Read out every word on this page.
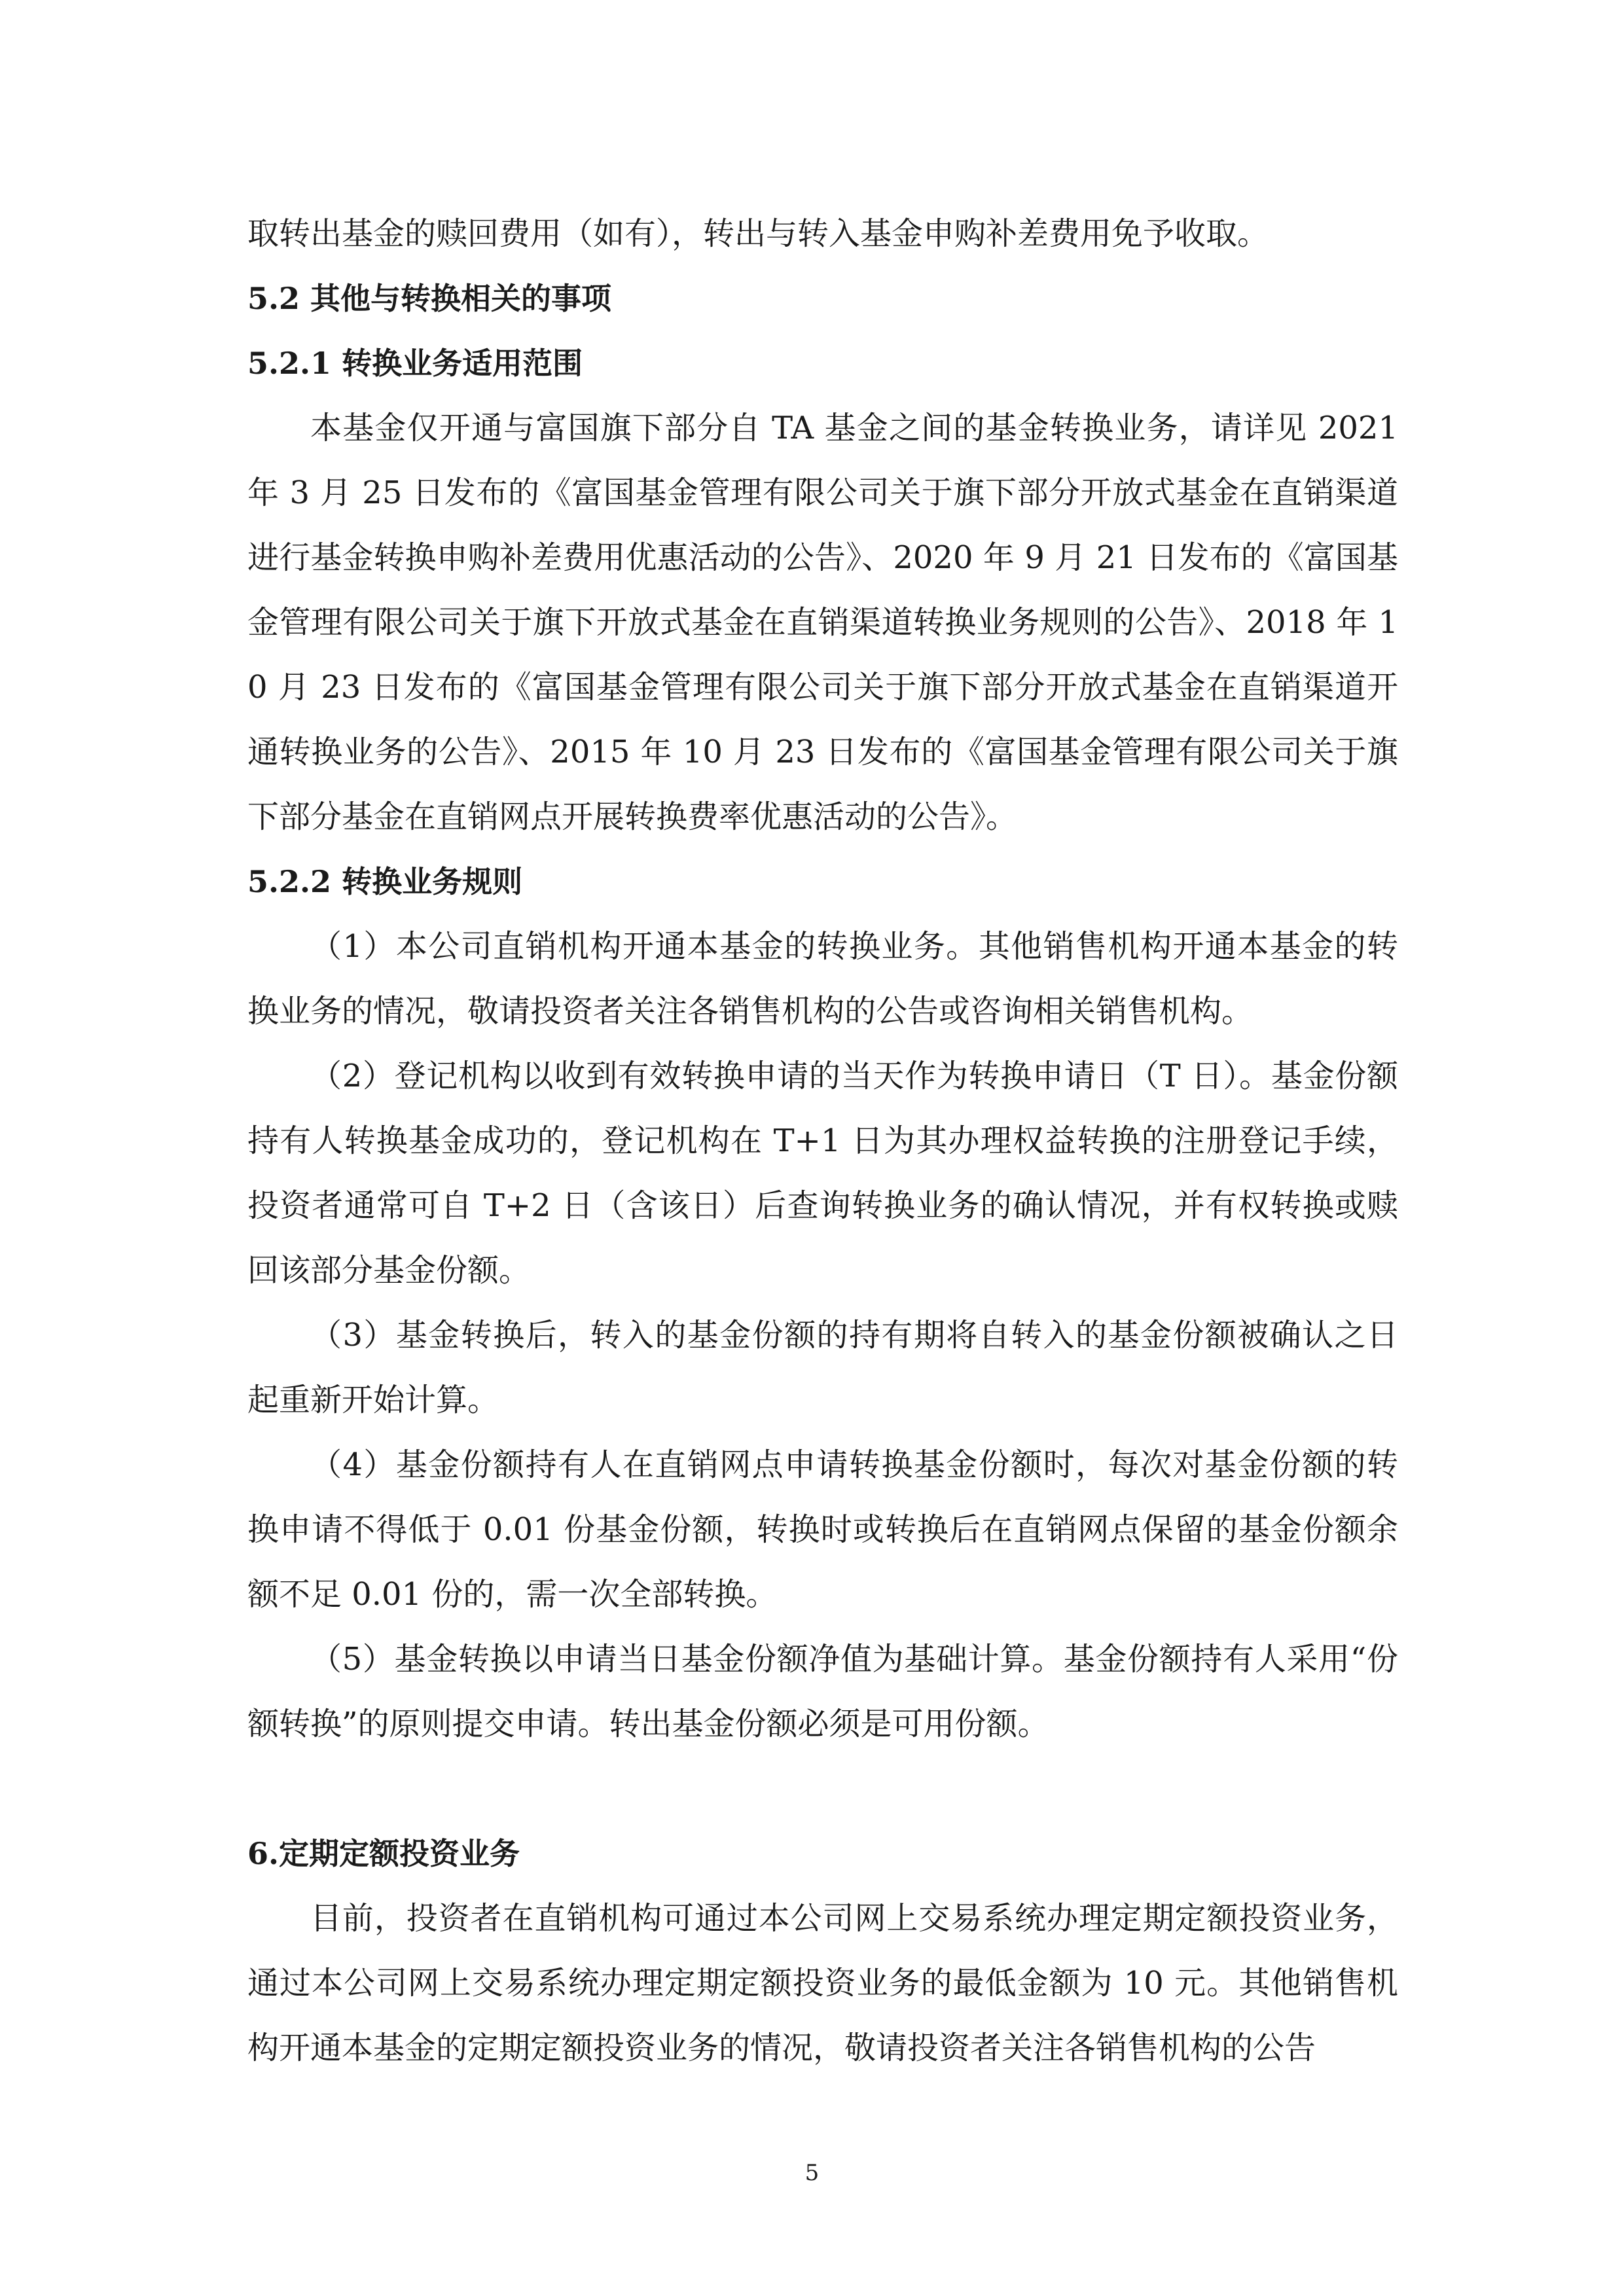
取转出基金的赎回费用（如有），转出与转入基金申购补差费用免予收取。

5.2 其他与转换相关的事项
5.2.1 转换业务适用范围

本基金仅开通与富国旗下部分自 TA 基金之间的基金转换业务，请详见 2021 年 3 月 25 日发布的《富国基金管理有限公司关于旗下部分开放式基金在直销渠道进行基金转换申购补差费用优惠活动的公告》、2020 年 9 月 21 日发布的《富国基金管理有限公司关于旗下开放式基金在直销渠道转换业务规则的公告》、2018 年 10 月 23 日发布的《富国基金管理有限公司关于旗下部分开放式基金在直销渠道开通转换业务的公告》、2015 年 10 月 23 日发布的《富国基金管理有限公司关于旗下部分基金在直销网点开展转换费率优惠活动的公告》。

5.2.2 转换业务规则

（1）本公司直销机构开通本基金的转换业务。其他销售机构开通本基金的转换业务的情况，敬请投资者关注各销售机构的公告或咨询相关销售机构。

（2）登记机构以收到有效转换申请的当天作为转换申请日（T 日）。基金份额持有人转换基金成功的，登记机构在 T+1 日为其办理权益转换的注册登记手续，投资者通常可自 T+2 日（含该日）后查询转换业务的确认情况，并有权转换或赎回该部分基金份额。

（3）基金转换后，转入的基金份额的持有期将自转入的基金份额被确认之日起重新开始计算。

（4）基金份额持有人在直销网点申请转换基金份额时，每次对基金份额的转换申请不得低于 0.01 份基金份额，转换时或转换后在直销网点保留的基金份额余额不足 0.01 份的，需一次全部转换。

（5）基金转换以申请当日基金份额净值为基础计算。基金份额持有人采用“份额转换”的原则提交申请。转出基金份额必须是可用份额。

6.定期定额投资业务

目前，投资者在直销机构可通过本公司网上交易系统办理定期定额投资业务，通过本公司网上交易系统办理定期定额投资业务的最低金额为 10 元。其他销售机构开通本基金的定期定额投资业务的情况，敬请投资者关注各销售机构的公告

5
